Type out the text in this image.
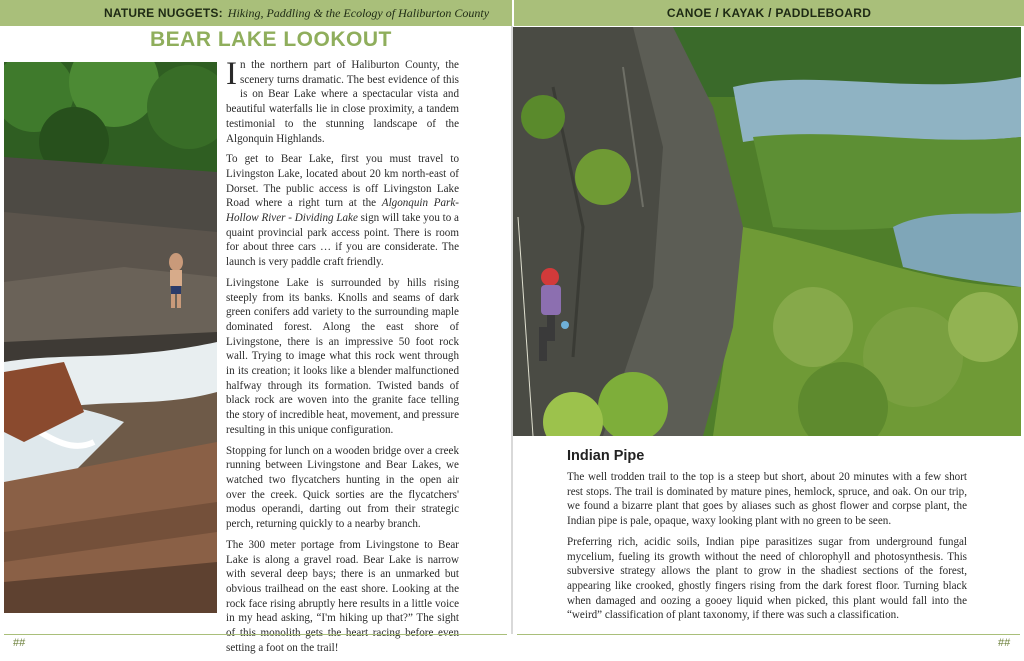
NATURE NUGGETS: Hiking, Paddling & the Ecology of Haliburton County	CANOE / KAYAK / PADDLEBOARD
BEAR LAKE LOOKOUT

In the northern part of Haliburton County, the scenery turns dramatic. The best evidence of this is on Bear Lake where a spectacular vista and beautiful waterfalls lie in close proximity, a tandem testimonial to the stunning landscape of the Algonquin Highlands.

To get to Bear Lake, first you must travel to Livingston Lake, located about 20 km north-east of Dorset. The public access is off Livingston Lake Road where a right turn at the Algonquin Park-Hollow River - Dividing Lake sign will take you to a quaint provincial park access point. There is room for about three cars … if you are considerate. The launch is very paddle craft friendly.

Livingstone Lake is surrounded by hills rising steeply from its banks. Knolls and seams of dark green conifers add variety to the surrounding maple dominated forest. Along the east shore of Livingstone, there is an impressive 50 foot rock wall. Trying to image what this rock went through in its creation; it looks like a blender malfunctioned halfway through its formation. Twisted bands of black rock are woven into the granite face telling the story of incredible heat, movement, and pressure resulting in this unique configuration.

Stopping for lunch on a wooden bridge over a creek running between Livingstone and Bear Lakes, we watched two flycatchers hunting in the open air over the creek. Quick sorties are the flycatchers' modus operandi, darting out from their strategic perch, returning quickly to a nearby branch.

The 300 meter portage from Livingstone to Bear Lake is along a gravel road. Bear Lake is narrow with several deep bays; there is an unmarked but obvious trailhead on the east shore. Looking at the rock face rising abruptly here results in a little voice in my head asking, “I'm hiking up that?” The sight setting a foot on the trail!

Indian Pipe

The well trodden trail to the top is a steep but short, about 20 minutes with a few short rest stops. The trail is dominated by mature pines, hemlock, spruce, and oak. On our trip, we found a bizarre plant that goes by aliases such as ghost flower and corpse plant, the Indian pipe is pale, opaque, waxy looking plant with no green to be seen.

Preferring rich, acidic soils, Indian pipe parasitizes sugar from underground fungal mycelium, fueling its growth without the need of chlorophyll and photosynthesis. This subversive strategy allows the plant to grow in the shadiest sections of the forest, appearing like crooked, ghostly fingers rising from the dark forest floor. Turning black when damaged and oozing a gooey liquid when picked, this plant would fall into the “weird” classification of plant taxonomy, if there was such a classification.

##	##
